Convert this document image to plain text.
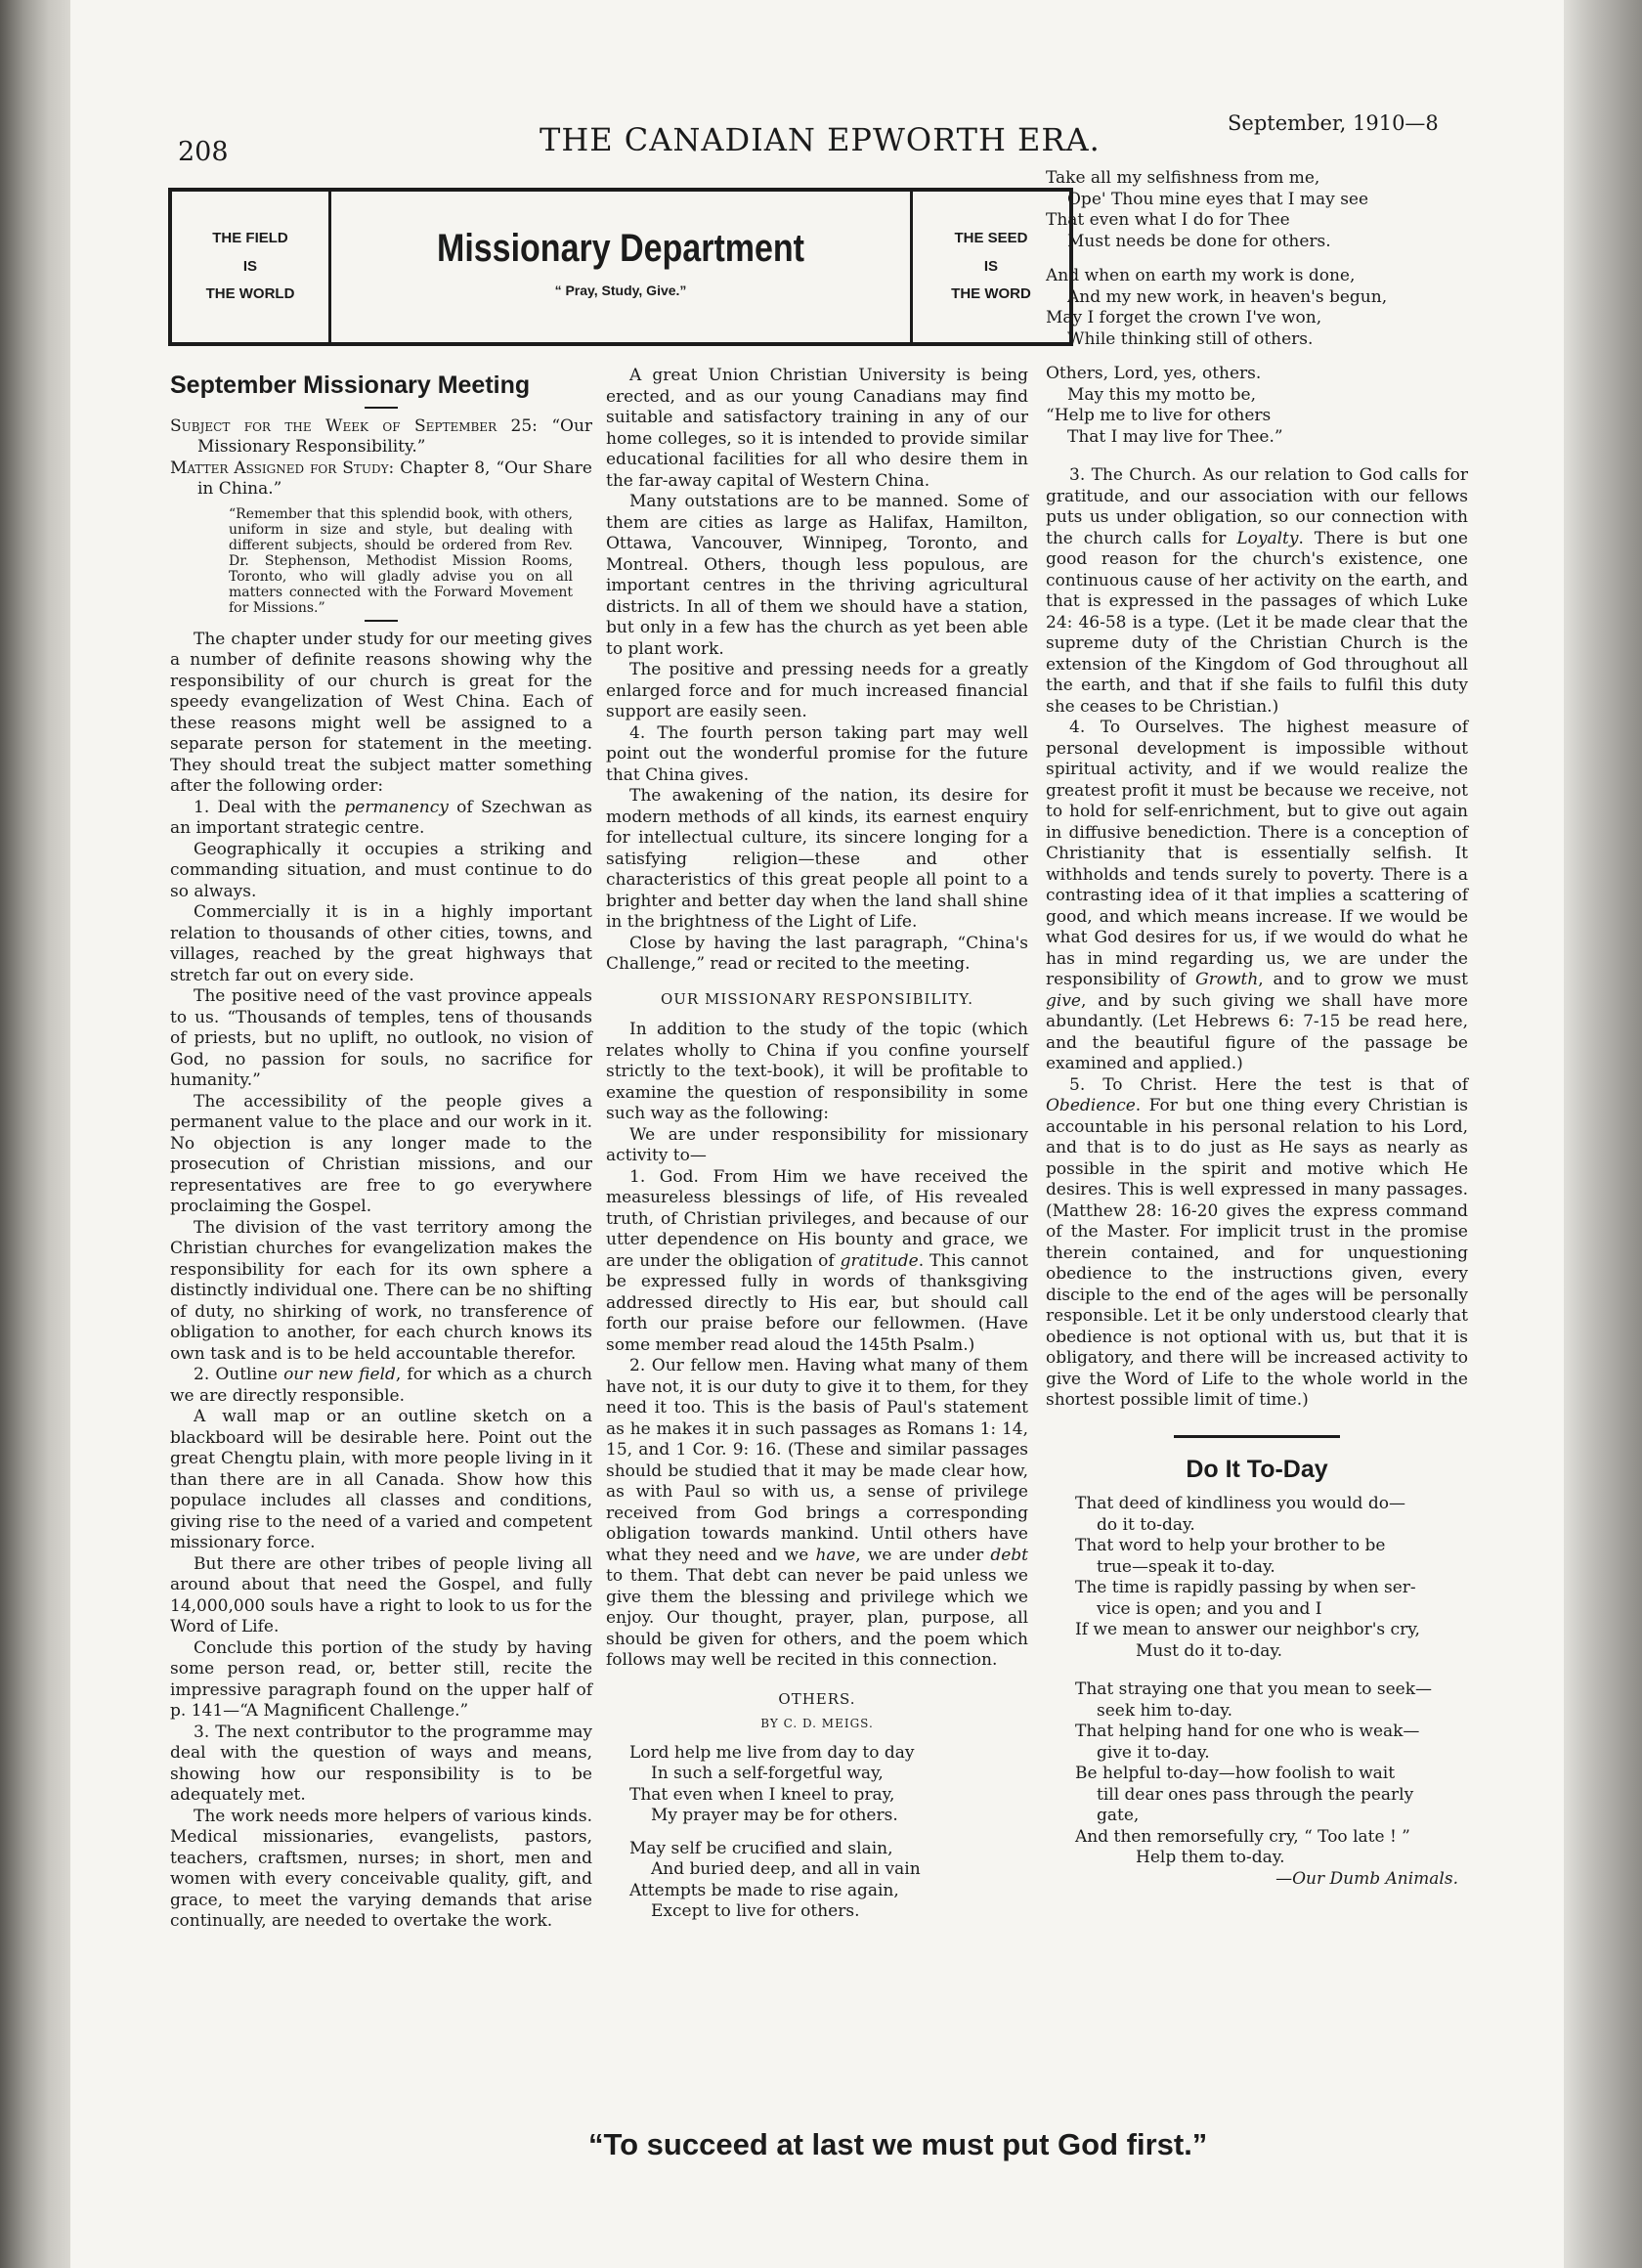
208	THE CANADIAN EPWORTH ERA.	September, 1910—8
THE FIELD
IS
THE WORLD
Missionary Department
“ Pray, Study, Give.”
THE SEED
IS
THE WORD
September Missionary Meeting

Subject for the Week of September 25: “Our Missionary Responsibility.”

Matter Assigned for Study: Chapter 8, “Our Share in China.”

“Remember that this splendid book, with others, uniform in size and style, but dealing with different subjects, should be ordered from Rev. Dr. Stephenson, Methodist Mission Rooms, Toronto, who will gladly advise you on all matters connected with the Forward Movement for Missions.”

The chapter under study for our meeting gives a number of definite reasons showing why the responsibility of our church is great for the speedy evangelization of West China. Each of these reasons might well be assigned to a separate person for statement in the meeting. They should treat the subject matter something after the following order:

1. Deal with the permanency of Szechwan as an important strategic centre.

Geographically it occupies a striking and commanding situation, and must continue to do so always.

Commercially it is in a highly important relation to thousands of other cities, towns, and villages, reached by the great highways that stretch far out on every side.

The positive need of the vast province appeals to us. “Thousands of temples, tens of thousands of priests, but no uplift, no outlook, no vision of God, no passion for souls, no sacrifice for humanity.”

The accessibility of the people gives a permanent value to the place and our work in it. No objection is any longer made to the prosecution of Christian missions, and our representatives are free to go everywhere proclaiming the Gospel.

The division of the vast territory among the Christian churches for evangelization makes the responsibility for each for its own sphere a distinctly individual one. There can be no shifting of duty, no shirking of work, no transference of obligation to another, for each church knows its own task and is to be held accountable therefor.

2. Outline our new field, for which as a church we are directly responsible.

A wall map or an outline sketch on a blackboard will be desirable here. Point out the great Chengtu plain, with more people living in it than there are in all Canada. Show how this populace includes all classes and conditions, giving rise to the need of a varied and competent missionary force.

But there are other tribes of people living all around about that need the Gospel, and fully 14,000,000 souls have a right to look to us for the Word of Life.

Conclude this portion of the study by having some person read, or, better still, recite the impressive paragraph found on the upper half of p. 141—“A Magnificent Challenge.”

3. The next contributor to the programme may deal with the question of ways and means, showing how our responsibility is to be adequately met.

The work needs more helpers of various kinds. Medical missionaries, evangelists, pastors, teachers, craftsmen, nurses; in short, men and women with every conceivable quality, gift, and grace, to meet the varying demands that arise continually, are needed to overtake the work.

A great Union Christian University is being erected, and as our young Canadians may find suitable and satisfactory training in any of our home colleges, so it is intended to provide similar educational facilities for all who desire them in the far-away capital of Western China.

Many outstations are to be manned. Some of them are cities as large as Halifax, Hamilton, Ottawa, Vancouver, Winnipeg, Toronto, and Montreal. Others, though less populous, are important centres in the thriving agricultural districts. In all of them we should have a station, but only in a few has the church as yet been able to plant work.

The positive and pressing needs for a greatly enlarged force and for much increased financial support are easily seen.

4. The fourth person taking part may well point out the wonderful promise for the future that China gives.

The awakening of the nation, its desire for modern methods of all kinds, its earnest enquiry for intellectual culture, its sincere longing for a satisfying religion—these and other characteristics of this great people all point to a brighter and better day when the land shall shine in the brightness of the Light of Life.

Close by having the last paragraph, “China's Challenge,” read or recited to the meeting.

OUR MISSIONARY RESPONSIBILITY.

In addition to the study of the topic (which relates wholly to China if you confine yourself strictly to the text-book), it will be profitable to examine the question of responsibility in some such way as the following:

We are under responsibility for missionary activity to—

1. God. From Him we have received the measureless blessings of life, of His revealed truth, of Christian privileges, and because of our utter dependence on His bounty and grace, we are under the obligation of gratitude. This cannot be expressed fully in words of thanksgiving addressed directly to His ear, but should call forth our praise before our fellowmen. (Have some member read aloud the 145th Psalm.)

2. Our fellow men. Having what many of them have not, it is our duty to give it to them, for they need it too. This is the basis of Paul's statement as he makes it in such passages as Romans 1: 14, 15, and 1 Cor. 9: 16. (These and similar passages should be studied that it may be made clear how, as with Paul so with us, a sense of privilege received from God brings a corresponding obligation towards mankind. Until others have what they need and we have, we are under debt to them. That debt can never be paid unless we give them the blessing and privilege which we enjoy. Our thought, prayer, plan, purpose, all should be given for others, and the poem which follows may well be recited in this connection.

OTHERS.
BY C. D. MEIGS.
Lord help me live from day to day
In such a self-forgetful way,
That even when I kneel to pray,
My prayer may be for others.
May self be crucified and slain,
And buried deep, and all in vain
Attempts be made to rise again,
Except to live for others.
Take all my selfishness from me,
Ope' Thou mine eyes that I may see
That even what I do for Thee
Must needs be done for others.
And when on earth my work is done,
And my new work, in heaven's begun,
May I forget the crown I've won,
While thinking still of others.
Others, Lord, yes, others.
May this my motto be,
“Help me to live for others
That I may live for Thee.”

3. The Church. As our relation to God calls for gratitude, and our association with our fellows puts us under obligation, so our connection with the church calls for Loyalty. There is but one good reason for the church's existence, one continuous cause of her activity on the earth, and that is expressed in the passages of which Luke 24: 46-58 is a type. (Let it be made clear that the supreme duty of the Christian Church is the extension of the Kingdom of God throughout all the earth, and that if she fails to fulfil this duty she ceases to be Christian.)

4. To Ourselves. The highest measure of personal development is impossible without spiritual activity, and if we would realize the greatest profit it must be because we receive, not to hold for self-enrichment, but to give out again in diffusive benediction. There is a conception of Christianity that is essentially selfish. It withholds and tends surely to poverty. There is a contrasting idea of it that implies a scattering of good, and which means increase. If we would be what God desires for us, if we would do what he has in mind regarding us, we are under the responsibility of Growth, and to grow we must give, and by such giving we shall have more abundantly. (Let Hebrews 6: 7-15 be read here, and the beautiful figure of the passage be examined and applied.)

5. To Christ. Here the test is that of Obedience. For but one thing every Christian is accountable in his personal relation to his Lord, and that is to do just as He says as nearly as possible in the spirit and motive which He desires. This is well expressed in many passages. (Matthew 28: 16-20 gives the express command of the Master. For implicit trust in the promise therein contained, and for unquestioning obedience to the instructions given, every disciple to the end of the ages will be personally responsible. Let it be only understood clearly that obedience is not optional with us, but that it is obligatory, and there will be increased activity to give the Word of Life to the whole world in the shortest possible limit of time.)

Do It To-Day
That deed of kindliness you would do—
do it to-day.
That word to help your brother to be
true—speak it to-day.
The time is rapidly passing by when ser-
vice is open; and you and I
If we mean to answer our neighbor's cry,
Must do it to-day.
That straying one that you mean to seek—
seek him to-day.
That helping hand for one who is weak—
give it to-day.
Be helpful to-day—how foolish to wait
till dear ones pass through the pearly
gate,
And then remorsefully cry, “ Too late ! ”
Help them to-day.
—Our Dumb Animals.
“To succeed at last we must put God first.”
